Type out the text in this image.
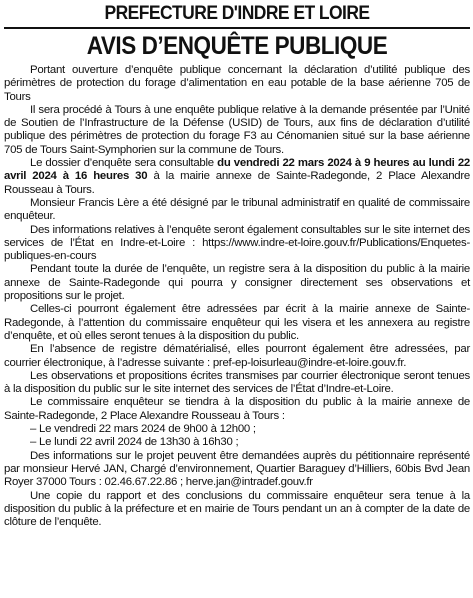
PREFECTURE D'INDRE ET LOIRE
AVIS D’ENQUÊTE PUBLIQUE

Portant ouverture d’enquête publique concernant la déclaration d’utilité publique des périmètres de protection du forage d’alimentation en eau potable de la base aérienne 705 de Tours

Il sera procédé à Tours à une enquête publique relative à la demande présentée par l’Unité de Soutien de l’Infrastructure de la Défense (USID) de Tours, aux fins de déclaration d’utilité publique des périmètres de protection du forage F3 au Cénomanien situé sur la base aérienne 705 de Tours Saint-Symphorien sur la commune de Tours.

Le dossier d’enquête sera consultable du vendredi 22 mars 2024 à 9 heures au lundi 22 avril 2024 à 16 heures 30 à la mairie annexe de Sainte-Radegonde, 2 Place Alexandre Rousseau à Tours.

Monsieur Francis Lère a été désigné par le tribunal administratif en qualité de commissaire enquêteur.

Des informations relatives à l’enquête seront également consultables sur le site internet des services de l’État en Indre-et-Loire : https://www.indre-et-loire.gouv.fr/Publications/Enquetes-publiques-en-cours

Pendant toute la durée de l’enquête, un registre sera à la disposition du public à la mairie annexe de Sainte-Radegonde qui pourra y consigner directement ses observations et propositions sur le projet.

Celles-ci pourront également être adressées par écrit à la mairie annexe de Sainte-Radegonde, à l’attention du commissaire enquêteur qui les visera et les annexera au registre d’enquête, et où elles seront tenues à la disposition du public.

En l’absence de registre dématérialisé, elles pourront également être adressées, par courrier électronique, à l’adresse suivante : pref-ep-loisurleau@indre-et-loire.gouv.fr.

Les observations et propositions écrites transmises par courrier électronique seront tenues à la disposition du public sur le site internet des services de l’État d’Indre-et-Loire.

Le commissaire enquêteur se tiendra à la disposition du public à la mairie annexe de Sainte-Radegonde, 2 Place Alexandre Rousseau à Tours :

– Le vendredi 22 mars 2024 de 9h00 à 12h00 ;

– Le lundi 22 avril 2024 de 13h30 à 16h30 ;

Des informations sur le projet peuvent être demandées auprès du pétitionnaire représenté par monsieur Hervé JAN, Chargé d’environnement, Quartier Baraguey d’Hilliers, 60bis Bvd Jean Royer 37000 Tours : 02.46.67.22.86 ; herve.jan@intradef.gouv.fr

Une copie du rapport et des conclusions du commissaire enquêteur sera tenue à la disposition du public à la préfecture et en mairie de Tours pendant un an à compter de la date de clôture de l’enquête.
